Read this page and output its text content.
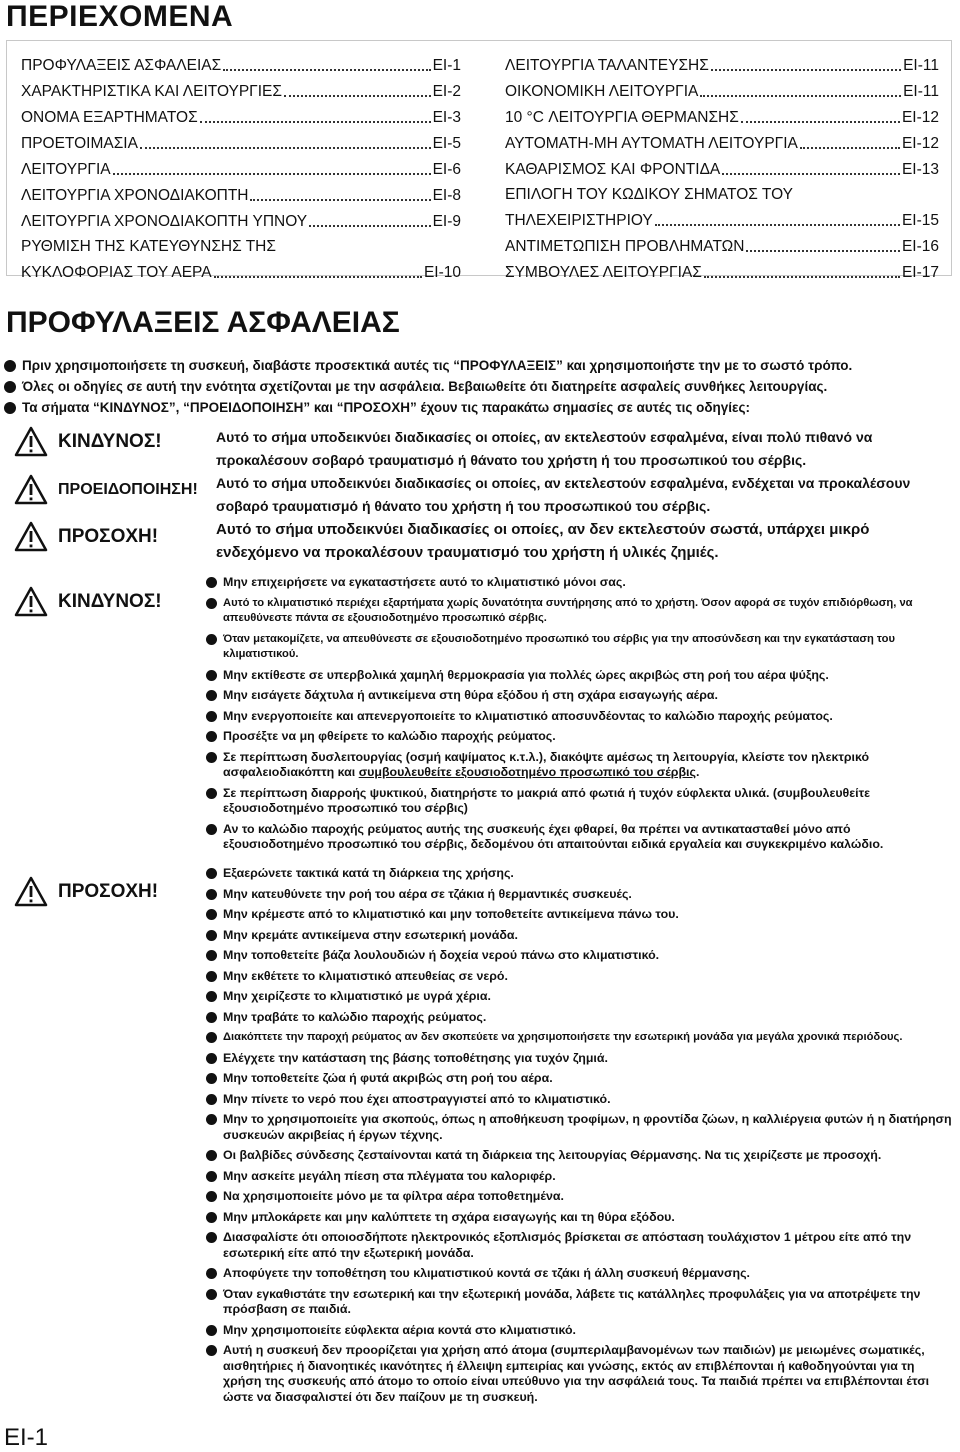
ΠΕΡΙΕΧΟΜΕΝΑ
ΠΡΟΦΥΛΑΞΕΙΣ ΑΣΦΑΛΕΙΑΣ	EI-1
ΧΑΡΑΚΤΗΡΙΣΤΙΚΑ ΚΑΙ ΛΕΙΤΟΥΡΓΙΕΣ	EI-2
ΟΝΟΜΑ ΕΞΑΡΤΗΜΑΤΟΣ	EI-3
ΠΡΟΕΤΟΙΜΑΣΙΑ	EI-5
ΛΕΙΤΟΥΡΓΙΑ	EI-6
ΛΕΙΤΟΥΡΓΙΑ ΧΡΟΝΟΔΙΑΚΟΠΤΗ	EI-8
ΛΕΙΤΟΥΡΓΙΑ ΧΡΟΝΟΔΙΑΚΟΠΤΗ ΥΠΝΟΥ	EI-9
ΡΥΘΜΙΣΗ ΤΗΣ ΚΑΤΕΥΘΥΝΣΗΣ ΤΗΣ
ΚΥΚΛΟΦΟΡΙΑΣ ΤΟΥ ΑΕΡΑ	EI-10
ΛΕΙΤΟΥΡΓΙΑ ΤΑΛΑΝΤΕΥΣΗΣ	EI-11
ΟΙΚΟΝΟΜΙΚΗ ΛΕΙΤΟΥΡΓΙΑ	EI-11
10 °C ΛΕΙΤΟΥΡΓΙΑ ΘΕΡΜΑΝΣΗΣ	EI-12
ΑΥΤΟΜΑΤΗ-ΜΗ ΑΥΤΟΜΑΤΗ ΛΕΙΤΟΥΡΓΙΑ	EI-12
ΚΑΘΑΡΙΣΜΟΣ ΚΑΙ ΦΡΟΝΤΙΔΑ	EI-13
ΕΠΙΛΟΓΗ ΤΟΥ ΚΩΔΙΚΟΥ ΣΗΜΑΤΟΣ ΤΟΥ
ΤΗΛΕΧΕΙΡΙΣΤΗΡΙΟΥ	EI-15
ΑΝΤΙΜΕΤΩΠΙΣΗ ΠΡΟΒΛΗΜΑΤΩΝ	EI-16
ΣΥΜΒΟΥΛΕΣ ΛΕΙΤΟΥΡΓΙΑΣ	EI-17
ΠΡΟΦΥΛΑΞΕΙΣ ΑΣΦΑΛΕΙΑΣ
Πριν χρησιμοποιήσετε τη συσκευή, διαβάστε προσεκτικά αυτές τις “ΠΡΟΦΥΛΑΞΕΙΣ” και χρησιμοποιήστε την με το σωστό τρόπο.
Όλες οι οδηγίες σε αυτή την ενότητα σχετίζονται με την ασφάλεια. Βεβαιωθείτε ότι διατηρείτε ασφαλείς συνθήκες λειτουργίας.
Τα σήματα “ΚΙΝΔΥΝΟΣ”, “ΠΡΟΕΙΔΟΠΟΙΗΣΗ” και “ΠΡΟΣΟΧΗ” έχουν τις παρακάτω σημασίες σε αυτές τις οδηγίες:
ΚΙΝΔΥΝΟΣ!	Αυτό το σήμα υποδεικνύει διαδικασίες οι οποίες, αν εκτελεστούν εσφαλμένα, είναι πολύ πιθανό να προκαλέσουν σοβαρό τραυματισμό ή θάνατο του χρήστη ή του προσωπικού του σέρβις.
ΠΡΟΕΙΔΟΠΟΙΗΣΗ! Αυτό το σήμα υποδεικνύει διαδικασίες οι οποίες, αν εκτελεστούν εσφαλμένα, ενδέχεται να προκαλέσουν σοβαρό τραυματισμό ή θάνατο του χρήστη ή του προσωπικού του σέρβις.
ΠΡΟΣΟΧΗ!	Αυτό το σήμα υποδεικνύει διαδικασίες οι οποίες, αν δεν εκτελεστούν σωστά, υπάρχει μικρό ενδεχόμενο να προκαλέσουν τραυματισμό του χρήστη ή υλικές ζημιές.
ΚΙΝΔΥΝΟΣ!
Μην επιχειρήσετε να εγκαταστήσετε αυτό το κλιματιστικό μόνοι σας.
Αυτό το κλιματιστικό περιέχει εξαρτήματα χωρίς δυνατότητα συντήρησης από το χρήστη. Όσον αφορά σε τυχόν επιδιόρθωση, να απευθύνεστε πάντα σε εξουσιοδοτημένο προσωπικό σέρβις.
Όταν μετακομίζετε, να απευθύνεστε σε εξουσιοδοτημένο προσωπικό του σέρβις για την αποσύνδεση και την εγκατάσταση του κλιματιστικού.
Μην εκτίθεστε σε υπερβολικά χαμηλή θερμοκρασία για πολλές ώρες ακριβώς στη ροή του αέρα ψύξης.
Μην εισάγετε δάχτυλα ή αντικείμενα στη θύρα εξόδου ή στη σχάρα εισαγωγής αέρα.
Μην ενεργοποιείτε και απενεργοποιείτε το κλιματιστικό αποσυνδέοντας το καλώδιο παροχής ρεύματος.
Προσέξτε να μη φθείρετε το καλώδιο παροχής ρεύματος.
Σε περίπτωση δυσλειτουργίας (οσμή καψίματος κ.τ.λ.), διακόψτε αμέσως τη λειτουργία, κλείστε τον ηλεκτρικό ασφαλειοδιακόπτη και συμβουλευθείτε εξουσιοδοτημένο προσωπικό του σέρβις.
Σε περίπτωση διαρροής ψυκτικού, διατηρήστε το μακριά από φωτιά ή τυχόν εύφλεκτα υλικά. (συμβουλευθείτε εξουσιοδοτημένο προσωπικό του σέρβις)
Αν το καλώδιο παροχής ρεύματος αυτής της συσκευής έχει φθαρεί, θα πρέπει να αντικατασταθεί μόνο από εξουσιοδοτημένο προσωπικό του σέρβις, δεδομένου ότι απαιτούνται ειδικά εργαλεία και συγκεκριμένο καλώδιο.
ΠΡΟΣΟΧΗ!
Εξαερώνετε τακτικά κατά τη διάρκεια της χρήσης.
Μην κατευθύνετε την ροή του αέρα σε τζάκια ή θερμαντικές συσκευές.
Μην κρέμεστε από το κλιματιστικό και μην τοποθετείτε αντικείμενα πάνω του.
Μην κρεμάτε αντικείμενα στην εσωτερική μονάδα.
Μην τοποθετείτε βάζα λουλουδιών ή δοχεία νερού πάνω στο κλιματιστικό.
Μην εκθέτετε το κλιματιστικό απευθείας σε νερό.
Μην χειρίζεστε το κλιματιστικό με υγρά χέρια.
Μην τραβάτε το καλώδιο παροχής ρεύματος.
Διακόπτετε την παροχή ρεύματος αν δεν σκοπεύετε να χρησιμοποιήσετε την εσωτερική μονάδα για μεγάλα χρονικά περιόδους.
Ελέγχετε την κατάσταση της βάσης τοποθέτησης για τυχόν ζημιά.
Μην τοποθετείτε ζώα ή φυτά ακριβώς στη ροή του αέρα.
Μην πίνετε το νερό που έχει αποστραγγιστεί από το κλιματιστικό.
Μην το χρησιμοποιείτε για σκοπούς, όπως η αποθήκευση τροφίμων, η φροντίδα ζώων, η καλλιέργεια φυτών ή η διατήρηση συσκευών ακριβείας ή έργων τέχνης.
Οι βαλβίδες σύνδεσης ζεσταίνονται κατά τη διάρκεια της λειτουργίας Θέρμανσης. Να τις χειρίζεστε με προσοχή.
Μην ασκείτε μεγάλη πίεση στα πλέγματα του καλοριφέρ.
Να χρησιμοποιείτε μόνο με τα φίλτρα αέρα τοποθετημένα.
Μην μπλοκάρετε και μην καλύπτετε τη σχάρα εισαγωγής και τη θύρα εξόδου.
Διασφαλίστε ότι οποιοσδήποτε ηλεκτρονικός εξοπλισμός βρίσκεται σε απόσταση τουλάχιστον 1 μέτρου είτε από την εσωτερική είτε από την εξωτερική μονάδα.
Αποφύγετε την τοποθέτηση του κλιματιστικού κοντά σε τζάκι ή άλλη συσκευή θέρμανσης.
Όταν εγκαθιστάτε την εσωτερική και την εξωτερική μονάδα, λάβετε τις κατάλληλες προφυλάξεις για να αποτρέψετε την πρόσβαση σε παιδιά.
Μην χρησιμοποιείτε εύφλεκτα αέρια κοντά στο κλιματιστικό.
Αυτή η συσκευή δεν προορίζεται για χρήση από άτομα (συμπεριλαμβανομένων των παιδιών) με μειωμένες σωματικές, αισθητήριες ή διανοητικές ικανότητες ή έλλειψη εμπειρίας και γνώσης, εκτός αν επιβλέπονται ή καθοδηγούνται για τη χρήση της συσκευής από άτομο το οποίο είναι υπεύθυνο για την ασφάλειά τους. Τα παιδιά πρέπει να επιβλέπονται έτσι ώστε να διασφαλιστεί ότι δεν παίζουν με τη συσκευή.
EI-1
